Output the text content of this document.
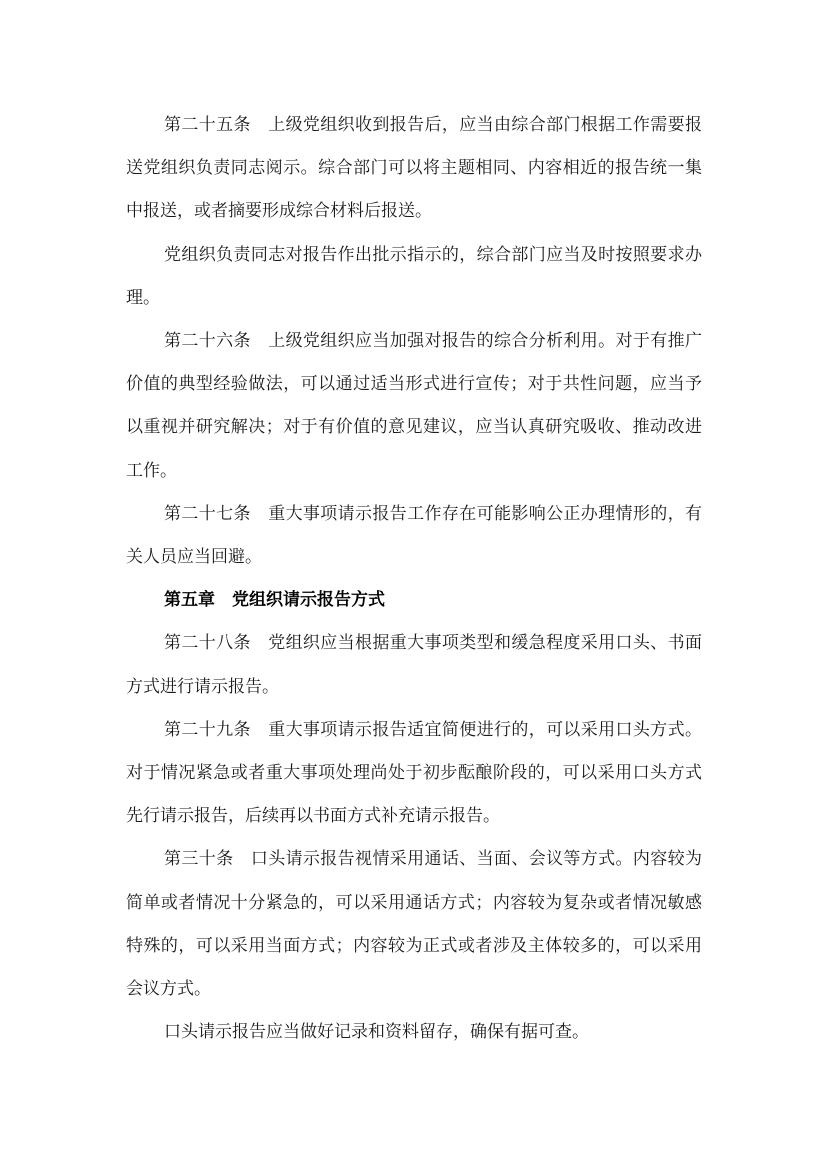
第二十五条　上级党组织收到报告后，应当由综合部门根据工作需要报送党组织负责同志阅示。综合部门可以将主题相同、内容相近的报告统一集中报送，或者摘要形成综合材料后报送。

党组织负责同志对报告作出批示指示的，综合部门应当及时按照要求办理。

第二十六条　上级党组织应当加强对报告的综合分析利用。对于有推广价值的典型经验做法，可以通过适当形式进行宣传；对于共性问题，应当予以重视并研究解决；对于有价值的意见建议，应当认真研究吸收、推动改进工作。

第二十七条　重大事项请示报告工作存在可能影响公正办理情形的，有关人员应当回避。

第五章　党组织请示报告方式

第二十八条　党组织应当根据重大事项类型和缓急程度采用口头、书面方式进行请示报告。

第二十九条　重大事项请示报告适宜简便进行的，可以采用口头方式。对于情况紧急或者重大事项处理尚处于初步酝酿阶段的，可以采用口头方式先行请示报告，后续再以书面方式补充请示报告。

第三十条　口头请示报告视情采用通话、当面、会议等方式。内容较为简单或者情况十分紧急的，可以采用通话方式；内容较为复杂或者情况敏感特殊的，可以采用当面方式；内容较为正式或者涉及主体较多的，可以采用会议方式。

口头请示报告应当做好记录和资料留存，确保有据可查。
